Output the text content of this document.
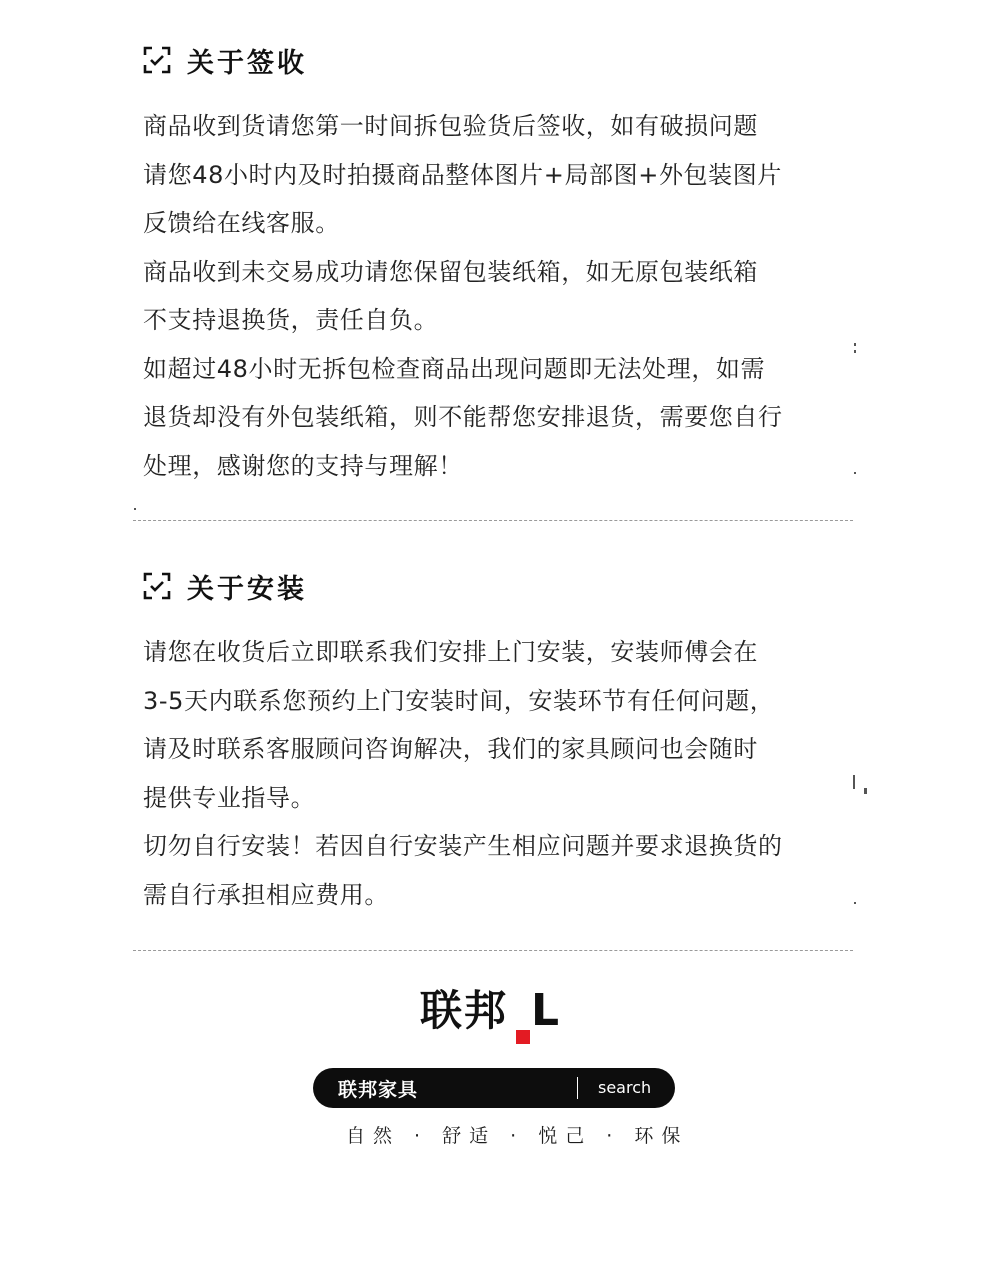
关于签收
商品收到货请您第一时间拆包验货后签收，如有破损问题
请您48小时内及时拍摄商品整体图片+局部图+外包装图片
反馈给在线客服。
商品收到未交易成功请您保留包装纸箱，如无原包装纸箱
不支持退换货，责任自负。
如超过48小时无拆包检查商品出现问题即无法处理，如需
退货却没有外包装纸箱，则不能帮您安排退货，需要您自行
处理，感谢您的支持与理解！
关于安装
请您在收货后立即联系我们安排上门安装，安装师傅会在
3-5天内联系您预约上门安装时间，安装环节有任何问题，
请及时联系客服顾问咨询解决，我们的家具顾问也会随时
提供专业指导。
切勿自行安装！若因自行安装产生相应问题并要求退换货的
需自行承担相应费用。
联邦 L
联邦家具	search
自然 · 舒适 · 悦己 · 环保
